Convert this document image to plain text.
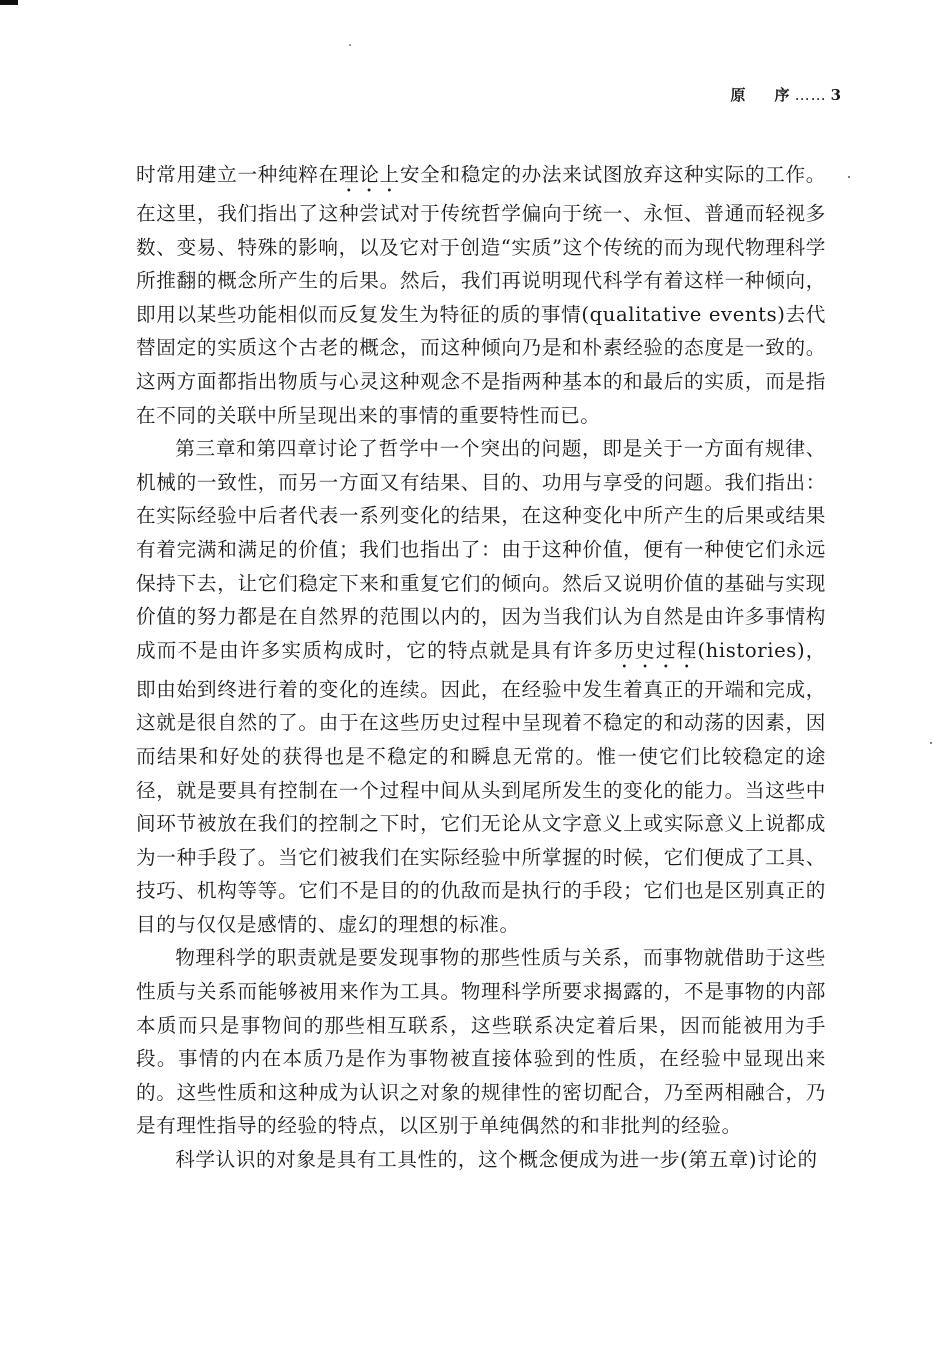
原 序 …… 3

时常用建立一种纯粹在理论上安全和稳定的办法来试图放弃这种实际的工作。在这里，我们指出了这种尝试对于传统哲学偏向于统一、永恒、普通而轻视多数、变易、特殊的影响，以及它对于创造“实质”这个传统的而为现代物理科学所推翻的概念所产生的后果。然后，我们再说明现代科学有着这样一种倾向，即用以某些功能相似而反复发生为特征的质的事情(qualitative events)去代替固定的实质这个古老的概念，而这种倾向乃是和朴素经验的态度是一致的。这两方面都指出物质与心灵这种观念不是指两种基本的和最后的实质，而是指在不同的关联中所呈现出来的事情的重要特性而已。

第三章和第四章讨论了哲学中一个突出的问题，即是关于一方面有规律、机械的一致性，而另一方面又有结果、目的、功用与享受的问题。我们指出：在实际经验中后者代表一系列变化的结果，在这种变化中所产生的后果或结果有着完满和满足的价值；我们也指出了：由于这种价值，便有一种使它们永远保持下去，让它们稳定下来和重复它们的倾向。然后又说明价值的基础与实现价值的努力都是在自然界的范围以内的，因为当我们认为自然是由许多事情构成而不是由许多实质构成时，它的特点就是具有许多历史过程(histories)，即由始到终进行着的变化的连续。因此，在经验中发生着真正的开端和完成，这就是很自然的了。由于在这些历史过程中呈现着不稳定的和动荡的因素，因而结果和好处的获得也是不稳定的和瞬息无常的。惟一使它们比较稳定的途径，就是要具有控制在一个过程中间从头到尾所发生的变化的能力。当这些中间环节被放在我们的控制之下时，它们无论从文字意义上或实际意义上说都成为一种手段了。当它们被我们在实际经验中所掌握的时候，它们便成了工具、技巧、机构等等。它们不是目的的仇敌而是执行的手段；它们也是区别真正的目的与仅仅是感情的、虚幻的理想的标准。

物理科学的职责就是要发现事物的那些性质与关系，而事物就借助于这些性质与关系而能够被用来作为工具。物理科学所要求揭露的，不是事物的内部本质而只是事物间的那些相互联系，这些联系决定着后果，因而能被用为手段。事情的内在本质乃是作为事物被直接体验到的性质，在经验中显现出来的。这些性质和这种成为认识之对象的规律性的密切配合，乃至两相融合，乃是有理性指导的经验的特点，以区别于单纯偶然的和非批判的经验。

科学认识的对象是具有工具性的，这个概念便成为进一步(第五章)讨论的
